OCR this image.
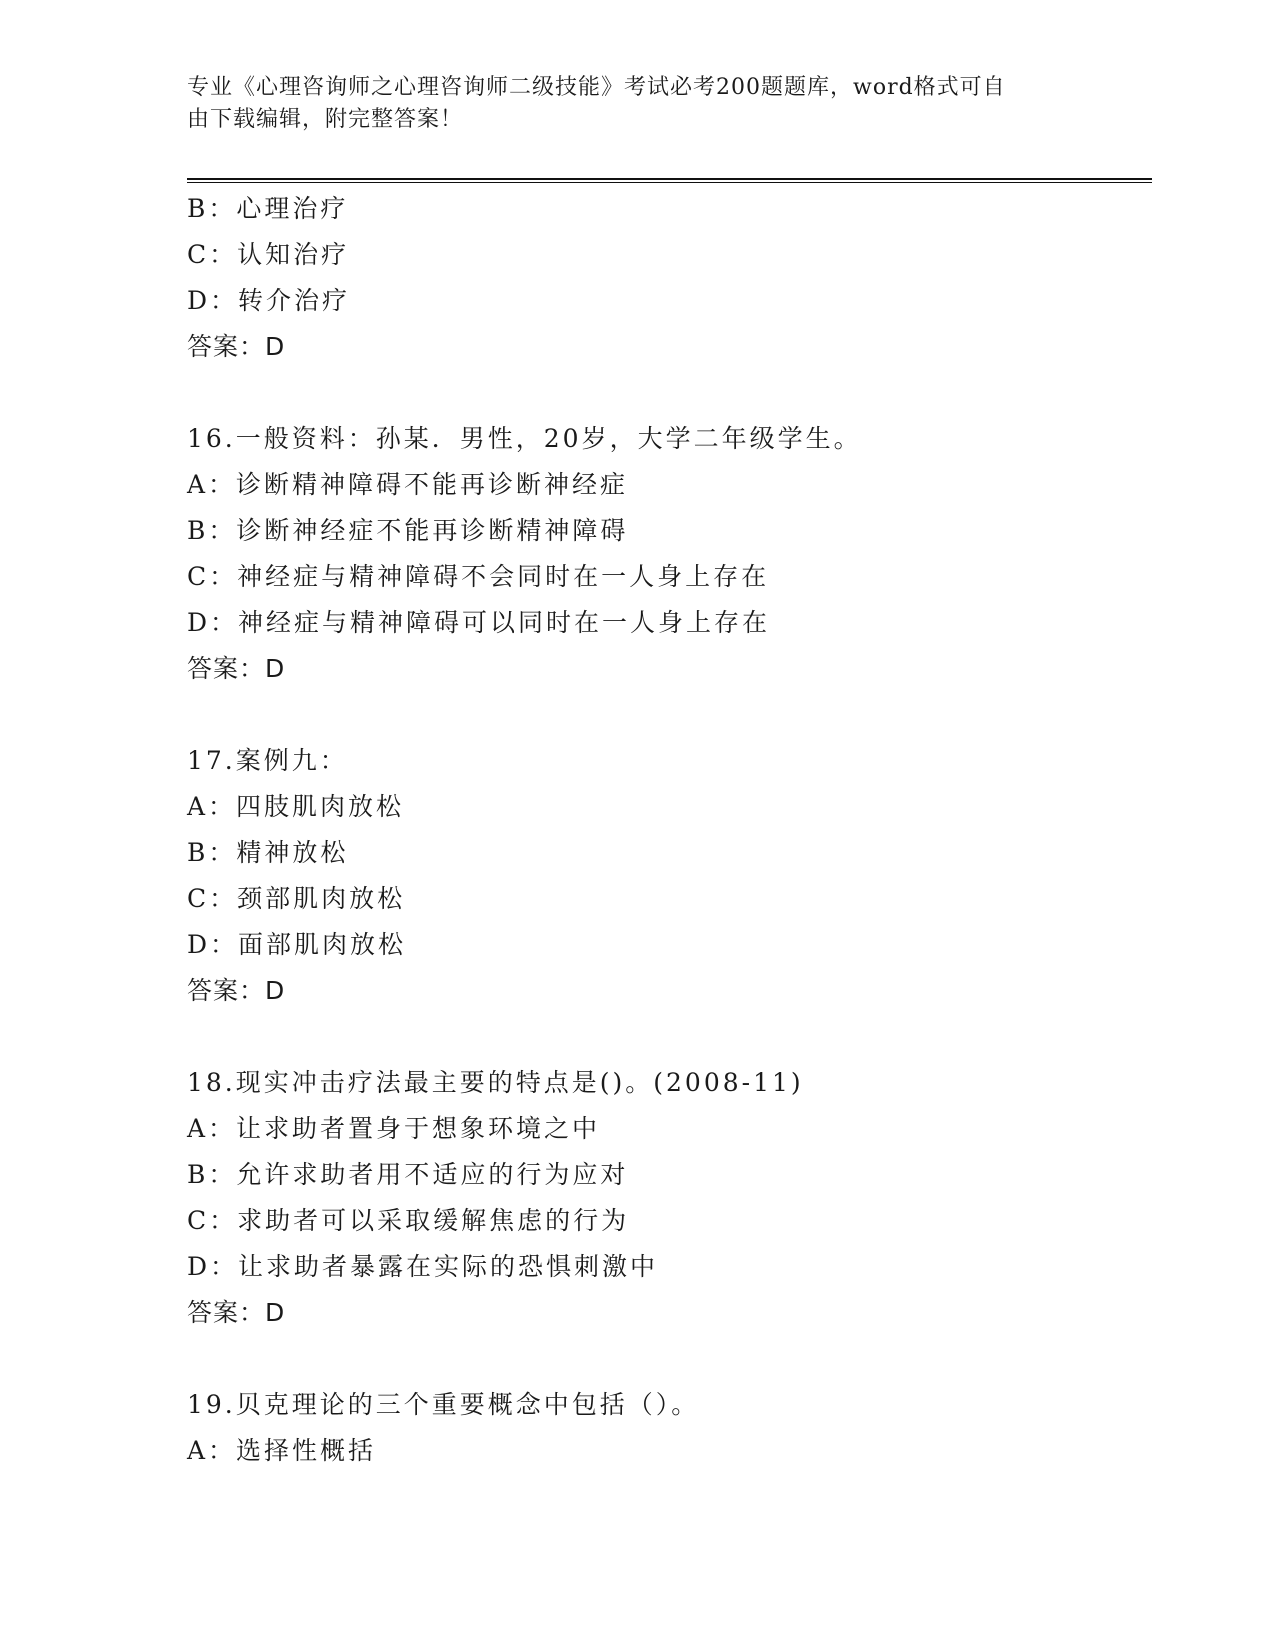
专业《心理咨询师之心理咨询师二级技能》考试必考200题题库，word格式可自
由下载编辑，附完整答案！
B：心理治疗
C：认知治疗
D：转介治疗
答案：D
16.一般资料：孙某．男性，20岁，大学二年级学生。
A：诊断精神障碍不能再诊断神经症
B：诊断神经症不能再诊断精神障碍
C：神经症与精神障碍不会同时在一人身上存在
D：神经症与精神障碍可以同时在一人身上存在
答案：D
17.案例九：
A：四肢肌肉放松
B：精神放松
C：颈部肌肉放松
D：面部肌肉放松
答案：D
18.现实冲击疗法最主要的特点是()。(2008-11)
A：让求助者置身于想象环境之中
B：允许求助者用不适应的行为应对
C：求助者可以采取缓解焦虑的行为
D：让求助者暴露在实际的恐惧刺激中
答案：D
19.贝克理论的三个重要概念中包括（）。
A：选择性概括
